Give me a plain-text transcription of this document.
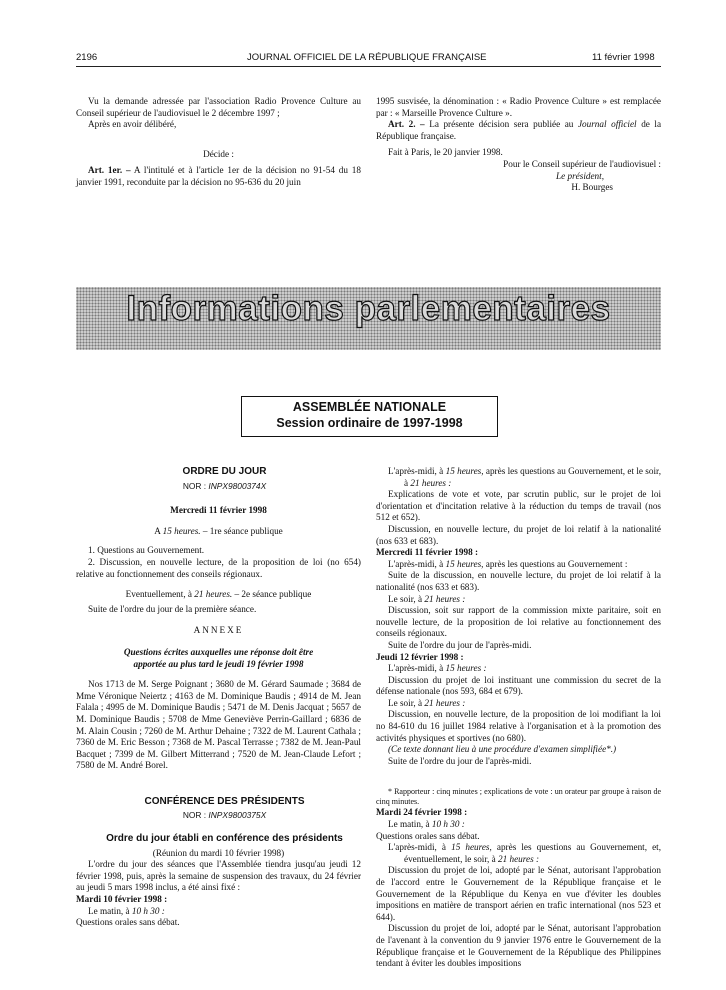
2196	JOURNAL OFFICIEL DE LA RÉPUBLIQUE FRANÇAISE	11 février 1998

Vu la demande adressée par l'association Radio Provence Culture au Conseil supérieur de l'audiovisuel le 2 décembre 1997 ;

Après en avoir délibéré,

Décide :

Art. 1er. – A l'intitulé et à l'article 1er de la décision no 91-54 du 18 janvier 1991, reconduite par la décision no 95-636 du 20 juin

1995 susvisée, la dénomination : « Radio Provence Culture » est remplacée par : « Marseille Provence Culture ».

Art. 2. – La présente décision sera publiée au Journal officiel de la République française.

Fait à Paris, le 20 janvier 1998.

Pour le Conseil supérieur de l'audiovisuel :

Le président,

H. Bourges

Informations parlementaires
ASSEMBLÉE NATIONALE
Session ordinaire de 1997-1998

ORDRE DU JOUR

NOR : INPX9800374X

Mercredi 11 février 1998

A 15 heures. – 1re séance publique

1. Questions au Gouvernement.

2. Discussion, en nouvelle lecture, de la proposition de loi (no 654) relative au fonctionnement des conseils régionaux.

Eventuellement, à 21 heures. – 2e séance publique

Suite de l'ordre du jour de la première séance.

ANNEXE

Questions écrites auxquelles une réponse doit être apportée au plus tard le jeudi 19 février 1998

Nos 1713 de M. Serge Poignant ; 3680 de M. Gérard Saumade ; 3684 de Mme Véronique Neiertz ; 4163 de M. Dominique Baudis ; 4914 de M. Jean Falala ; 4995 de M. Dominique Baudis ; 5471 de M. Denis Jacquat ; 5657 de M. Dominique Baudis ; 5708 de Mme Geneviève Perrin-Gaillard ; 6836 de M. Alain Cousin ; 7260 de M. Arthur Dehaine ; 7322 de M. Laurent Cathala ; 7360 de M. Eric Besson ; 7368 de M. Pascal Terrasse ; 7382 de M. Jean-Paul Bacquet ; 7399 de M. Gilbert Mitterrand ; 7520 de M. Jean-Claude Lefort ; 7580 de M. André Borel.

CONFÉRENCE DES PRÉSIDENTS

NOR : INPX9800375X

Ordre du jour établi en conférence des présidents

(Réunion du mardi 10 février 1998)

L'ordre du jour des séances que l'Assemblée tiendra jusqu'au jeudi 12 février 1998, puis, après la semaine de suspension des travaux, du 24 février au jeudi 5 mars 1998 inclus, a été ainsi fixé :

Mardi 10 février 1998 :

Le matin, à 10 h 30 :

Questions orales sans débat.

L'après-midi, à 15 heures, après les questions au Gouvernement, et le soir, à 21 heures :

Explications de vote et vote, par scrutin public, sur le projet de loi d'orientation et d'incitation relative à la réduction du temps de travail (nos 512 et 652).

Discussion, en nouvelle lecture, du projet de loi relatif à la nationalité (nos 633 et 683).

Mercredi 11 février 1998 :

L'après-midi, à 15 heures, après les questions au Gouvernement :

Suite de la discussion, en nouvelle lecture, du projet de loi relatif à la nationalité (nos 633 et 683).

Le soir, à 21 heures :

Discussion, soit sur rapport de la commission mixte paritaire, soit en nouvelle lecture, de la proposition de loi relative au fonctionnement des conseils régionaux.

Suite de l'ordre du jour de l'après-midi.

Jeudi 12 février 1998 :

L'après-midi, à 15 heures :

Discussion du projet de loi instituant une commission du secret de la défense nationale (nos 593, 684 et 679).

Le soir, à 21 heures :

Discussion, en nouvelle lecture, de la proposition de loi modifiant la loi no 84-610 du 16 juillet 1984 relative à l'organisation et à la promotion des activités physiques et sportives (no 680).

(Ce texte donnant lieu à une procédure d'examen simplifiée*.)

Suite de l'ordre du jour de l'après-midi.

* Rapporteur : cinq minutes ; explications de vote : un orateur par groupe à raison de cinq minutes.

Mardi 24 février 1998 :

Le matin, à 10 h 30 :

Questions orales sans débat.

L'après-midi, à 15 heures, après les questions au Gouvernement, et, éventuellement, le soir, à 21 heures :

Discussion du projet de loi, adopté par le Sénat, autorisant l'approbation de l'accord entre le Gouvernement de la République française et le Gouvernement de la République du Kenya en vue d'éviter les doubles impositions en matière de transport aérien en trafic international (nos 523 et 644).

Discussion du projet de loi, adopté par le Sénat, autorisant l'approbation de l'avenant à la convention du 9 janvier 1976 entre le Gouvernement de la République française et le Gouvernement de la République des Philippines tendant à éviter les doubles impositions
